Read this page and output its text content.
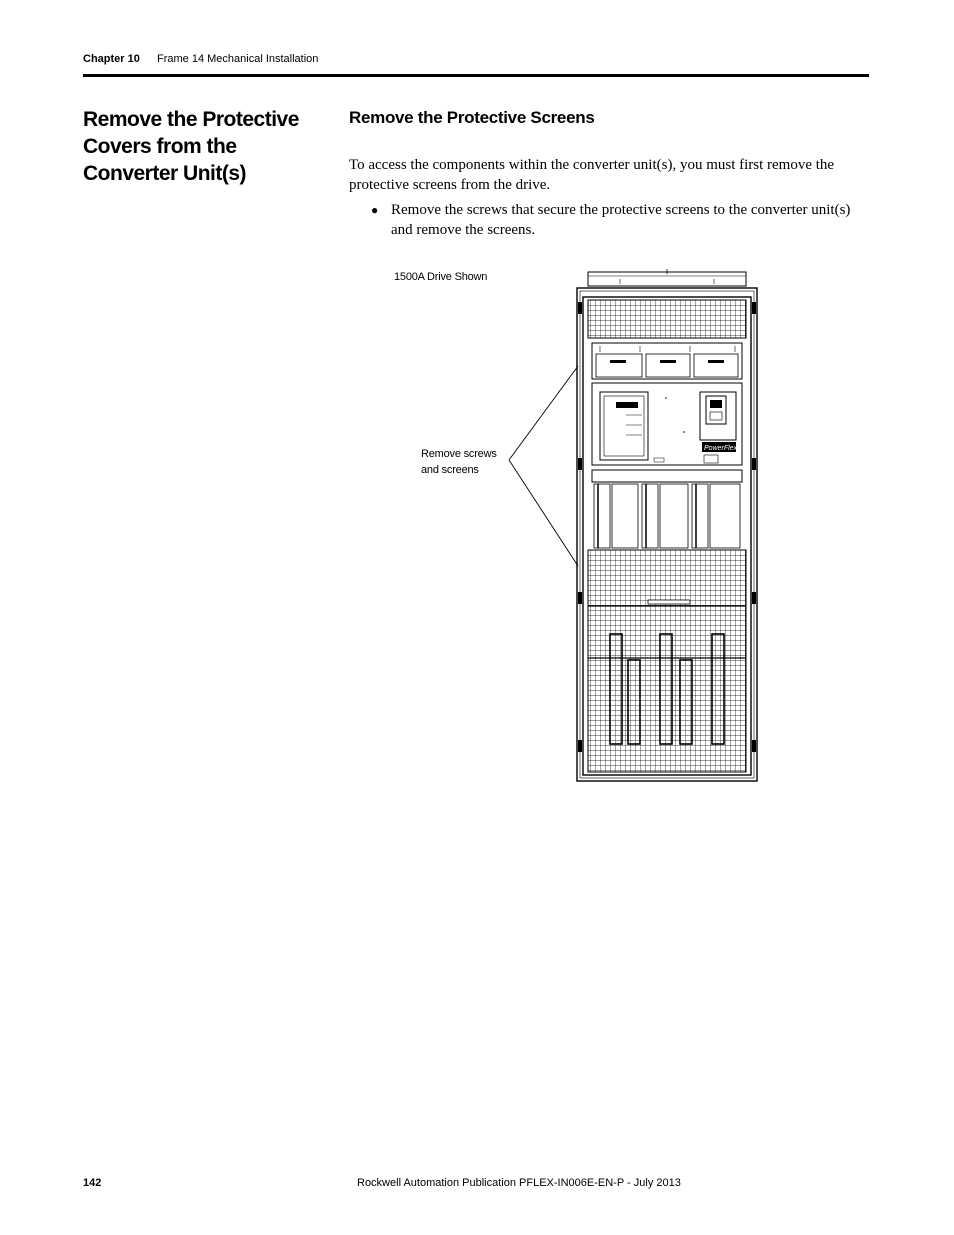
Chapter 10 Frame 14 Mechanical Installation
Remove the Protective Covers from the Converter Unit(s)
Remove the Protective Screens
To access the components within the converter unit(s), you must first remove the protective screens from the drive.
● Remove the screws that secure the protective screens to the converter unit(s) and remove the screens.
1500A Drive Shown
Remove screws
and screens
PowerFlex
142	Rockwell Automation Publication PFLEX-IN006E-EN-P - July 2013
